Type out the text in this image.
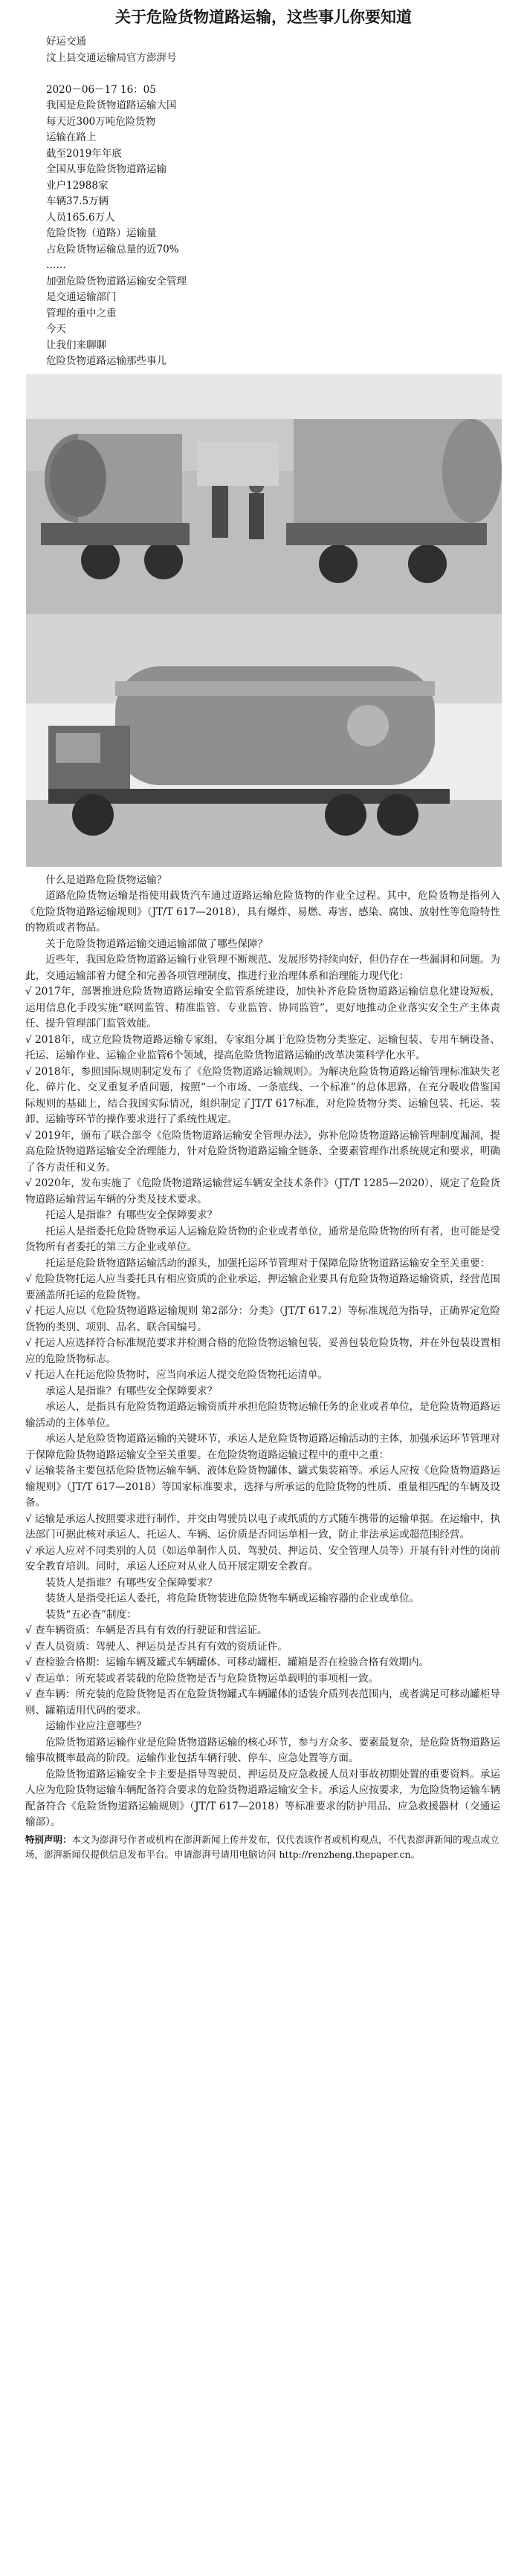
关于危险货物道路运输，这些事儿你要知道
好运交通
汶上县交通运输局官方澎湃号

2020－06－17 16：05
我国是危险货物道路运输大国
每天近300万吨危险货物
运输在路上
截至2019年年底
全国从事危险货物道路运输
业户12988家
车辆37.5万辆
人员165.6万人
危险货物（道路）运输量
占危险货物运输总量的近70%
……
加强危险货物道路运输安全管理
是交通运输部门
管理的重中之重
今天
让我们来聊聊
危险货物道路运输那些事儿

什么是道路危险货物运输？

道路危险货物运输是指使用载货汽车通过道路运输危险货物的作业全过程。其中，危险货物是指列入《危险货物道路运输规则》（JT/T 617—2018），具有爆炸、易燃、毒害、感染、腐蚀、放射性等危险特性的物质或者物品。

关于危险货物道路运输交通运输部做了哪些保障？

近些年，我国危险货物道路运输行业管理不断规范、发展形势持续向好，但仍存在一些漏洞和问题。为此，交通运输部着力健全和完善各项管理制度，推进行业治理体系和治理能力现代化：

√ 2017年，部署推进危险货物道路运输安全监管系统建设，加快补齐危险货物道路运输信息化建设短板，运用信息化手段实施“联网监管、精准监管、专业监管、协同监管”，更好地推动企业落实安全生产主体责任、提升管理部门监管效能。

√ 2018年，成立危险货物道路运输专家组，专家组分属于危险货物分类鉴定、运输包装、专用车辆设备、托运、运输作业、运输企业监管6个领域，提高危险货物道路运输的改革决策科学化水平。

√ 2018年，参照国际规则制定发布了《危险货物道路运输规则》。为解决危险货物道路运输管理标准缺失老化、碎片化、交叉重复矛盾问题，按照“一个市场、一条底线、一个标准”的总体思路，在充分吸收借鉴国际规则的基础上，结合我国实际情况，组织制定了JT/T 617标准，对危险货物分类、运输包装、托运、装卸、运输等环节的操作要求进行了系统性规定。

√ 2019年，颁布了联合部令《危险货物道路运输安全管理办法》，弥补危险货物道路运输管理制度漏洞，提高危险货物道路运输安全治理能力，针对危险货物道路运输全链条、全要素管理作出系统规定和要求，明确了各方责任和义务。

√ 2020年，发布实施了《危险货物道路运输营运车辆安全技术条件》（JT/T 1285—2020），规定了危险货物道路运输营运车辆的分类及技术要求。

托运人是指谁？有哪些安全保障要求？

托运人是指委托危险货物承运人运输危险货物的企业或者单位，通常是危险货物的所有者，也可能是受货物所有者委托的第三方企业或单位。

托运是危险货物道路运输活动的源头，加强托运环节管理对于保障危险货物道路运输安全至关重要：

√ 危险货物托运人应当委托具有相应资质的企业承运，押运输企业要具有危险货物道路运输资质，经营范围要涵盖所托运的危险货物。

√ 托运人应以《危险货物道路运输规则 第2部分：分类》（JT/T 617.2）等标准规范为指导，正确界定危险货物的类别、项别、品名、联合国编号。

√ 托运人应选择符合标准规范要求并检测合格的危险货物运输包装，妥善包装危险货物，并在外包装设置相应的危险货物标志。

√ 托运人在托运危险货物时，应当向承运人提交危险货物托运清单。

承运人是指谁？有哪些安全保障要求？

承运人，是指具有危险货物道路运输资质并承担危险货物运输任务的企业或者单位，是危险货物道路运输活动的主体单位。

承运人是危险货物道路运输的关键环节，承运人是危险货物道路运输活动的主体，加强承运环节管理对于保障危险货物道路运输安全至关重要。在危险货物道路运输过程中的重中之重：

√ 运输装备主要包括危险货物运输车辆、液体危险货物罐体、罐式集装箱等。承运人应按《危险货物道路运输规则》（JT/T 617—2018）等国家标准要求，选择与所承运的危险货物的性质、重量相匹配的车辆及设备。

√ 运输是承运人按照要求进行制作，并交由驾驶员以电子或纸质的方式随车携带的运输单据。在运输中，执法部门可据此核对承运人、托运人、车辆、运价质是否同运单相一致，防止非法承运或超范围经营。

√ 承运人应对不同类别的人员（如运单制作人员、驾驶员、押运员、安全管理人员等）开展有针对性的岗前安全教育培训。同时，承运人还应对从业人员开展定期安全教育。

装货人是指谁？有哪些安全保障要求？

装货人是指受托运人委托，将危险货物装进危险货物车辆或运输容器的企业或单位。

装货“五必查”制度：

√ 查车辆资质：车辆是否具有有效的行驶证和营运证。

√ 查人员资质：驾驶人、押运员是否具有有效的资质证件。

√ 查检验合格期：运输车辆及罐式车辆罐体、可移动罐柜、罐箱是否在检验合格有效期内。

√ 查运单：所充装或者装载的危险货物是否与危险货物运单载明的事项相一致。

√ 查车辆：所充装的危险货物是否在危险货物罐式车辆罐体的适装介质列表范围内，或者满足可移动罐柜导则、罐箱适用代码的要求。

运输作业应注意哪些？

危险货物道路运输作业是危险货物道路运输的核心环节，参与方众多、要素最复杂，是危险货物道路运输事故概率最高的阶段。运输作业包括车辆行驶、停车、应急处置等方面。

危险货物道路运输安全卡主要是指导驾驶员、押运员及应急救援人员对事故初期处置的重要资料。承运人应为危险货物运输车辆配备符合要求的危险货物道路运输安全卡。承运人应按要求，为危险货物运输车辆配备符合《危险货物道路运输规则》（JT/T 617—2018）等标准要求的防护用品、应急救援器材（交通运输部）。

特别声明：本文为澎湃号作者或机构在澎湃新闻上传并发布，仅代表该作者或机构观点，不代表澎湃新闻的观点或立场，澎湃新闻仅提供信息发布平台。申请澎湃号请用电脑访问 http://renzheng.thepaper.cn。
